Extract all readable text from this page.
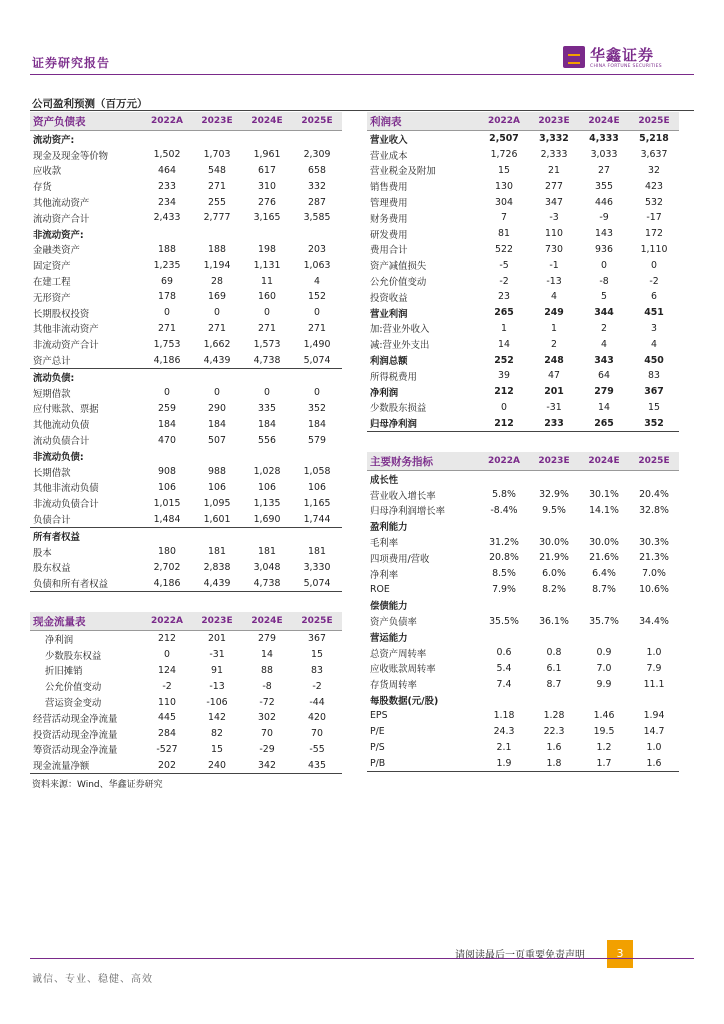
证券研究报告	华鑫证券
CHINA FORTUNE SECURITIES
公司盈利预测（百万元）
资产负债表	2022A	2023E	2024E	2025E
流动资产:				
现金及现金等价物	1,502	1,703	1,961	2,309
应收款	464	548	617	658
存货	233	271	310	332
其他流动资产	234	255	276	287
流动资产合计	2,433	2,777	3,165	3,585
非流动资产:				
金融类资产	188	188	198	203
固定资产	1,235	1,194	1,131	1,063
在建工程	69	28	11	4
无形资产	178	169	160	152
长期股权投资	0	0	0	0
其他非流动资产	271	271	271	271
非流动资产合计	1,753	1,662	1,573	1,490
资产总计	4,186	4,439	4,738	5,074
流动负债:				
短期借款	0	0	0	0
应付账款、票据	259	290	335	352
其他流动负债	184	184	184	184
流动负债合计	470	507	556	579
非流动负债:				
长期借款	908	988	1,028	1,058
其他非流动负债	106	106	106	106
非流动负债合计	1,015	1,095	1,135	1,165
负债合计	1,484	1,601	1,690	1,744
所有者权益				
股本	180	181	181	181
股东权益	2,702	2,838	3,048	3,330
负债和所有者权益	4,186	4,439	4,738	5,074
利润表	2022A	2023E	2024E	2025E
营业收入	2,507	3,332	4,333	5,218
营业成本	1,726	2,333	3,033	3,637
营业税金及附加	15	21	27	32
销售费用	130	277	355	423
管理费用	304	347	446	532
财务费用	7	-3	-9	-17
研发费用	81	110	143	172
费用合计	522	730	936	1,110
资产减值损失	-5	-1	0	0
公允价值变动	-2	-13	-8	-2
投资收益	23	4	5	6
营业利润	265	249	344	451
加:营业外收入	1	1	2	3
减:营业外支出	14	2	4	4
利润总额	252	248	343	450
所得税费用	39	47	64	83
净利润	212	201	279	367
少数股东损益	0	-31	14	15
归母净利润	212	233	265	352
主要财务指标	2022A	2023E	2024E	2025E
成长性				
营业收入增长率	5.8%	32.9%	30.1%	20.4%
归母净利润增长率	-8.4%	9.5%	14.1%	32.8%
盈利能力				
毛利率	31.2%	30.0%	30.0%	30.3%
四项费用/营收	20.8%	21.9%	21.6%	21.3%
净利率	8.5%	6.0%	6.4%	7.0%
ROE	7.9%	8.2%	8.7%	10.6%
偿债能力				
资产负债率	35.5%	36.1%	35.7%	34.4%
营运能力				
总资产周转率	0.6	0.8	0.9	1.0
应收账款周转率	5.4	6.1	7.0	7.9
存货周转率	7.4	8.7	9.9	11.1
每股数据(元/股)				
EPS	1.18	1.28	1.46	1.94
P/E	24.3	22.3	19.5	14.7
P/S	2.1	1.6	1.2	1.0
P/B	1.9	1.8	1.7	1.6
现金流量表	2022A	2023E	2024E	2025E
净利润	212	201	279	367
少数股东权益	0	-31	14	15
折旧摊销	124	91	88	83
公允价值变动	-2	-13	-8	-2
营运资金变动	110	-106	-72	-44
经营活动现金净流量	445	142	302	420
投资活动现金净流量	284	82	70	70
筹资活动现金净流量	-527	15	-29	-55
现金流量净额	202	240	342	435
资料来源：Wind、华鑫证券研究
请阅读最后一页重要免责声明	3
诚信、专业、稳健、高效
